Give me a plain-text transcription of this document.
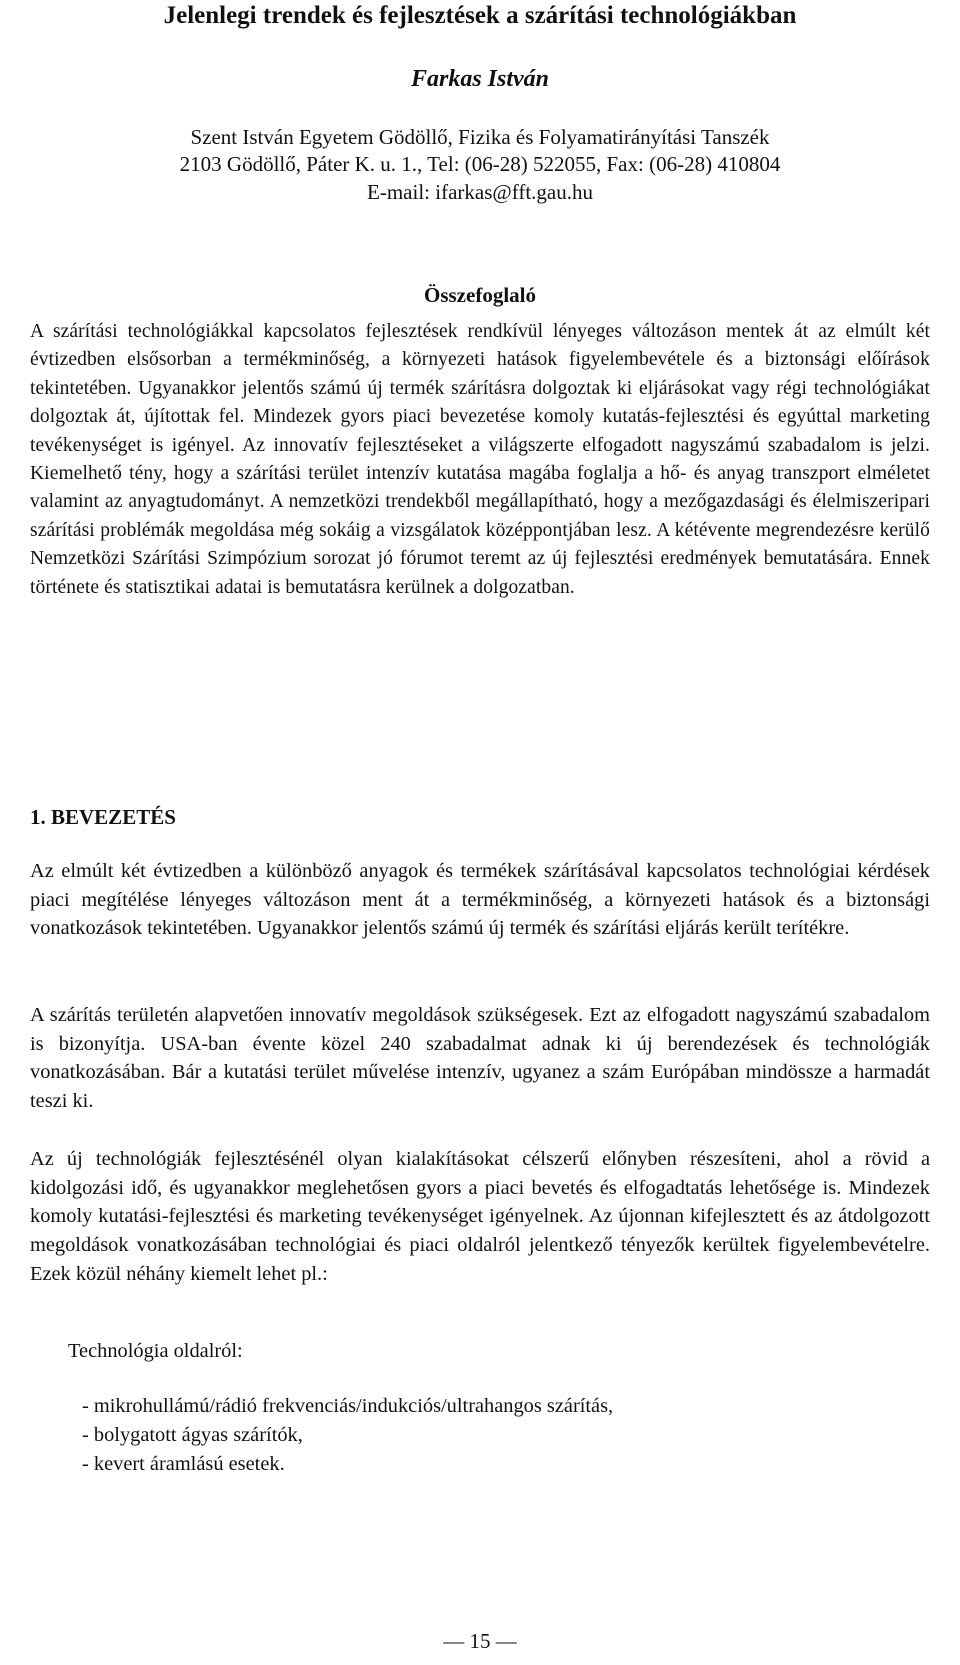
Jelenlegi trendek és fejlesztések a szárítási technológiákban

Farkas István

Szent István Egyetem Gödöllő, Fizika és Folyamatirányítási Tanszék

2103 Gödöllő, Páter K. u. 1., Tel: (06-28) 522055, Fax: (06-28) 410804

E-mail: ifarkas@fft.gau.hu

Összefoglaló

A szárítási technológiákkal kapcsolatos fejlesztések rendkívül lényeges változáson mentek át az elmúlt két évtizedben elsősorban a termékminőség, a környezeti hatások figyelembevétele és a biztonsági előírások tekintetében. Ugyanakkor jelentős számú új termék szárításra dolgoztak ki eljárásokat vagy régi technológiákat dolgoztak át, újítottak fel. Mindezek gyors piaci bevezetése komoly kutatás-fejlesztési és egyúttal marketing tevékenységet is igényel. Az innovatív fejlesztéseket a világszerte elfogadott nagyszámú szabadalom is jelzi. Kiemelhető tény, hogy a szárítási terület intenzív kutatása magába foglalja a hő- és anyag transzport elméletet valamint az anyagtudományt. A nemzetközi trendekből megállapítható, hogy a mezőgazdasági és élelmiszeripari szárítási problémák megoldása még sokáig a vizsgálatok középpontjában lesz. A kétévente megrendezésre kerülő Nemzetközi Szárítási Szimpózium sorozat jó fórumot teremt az új fejlesztési eredmények bemutatására. Ennek története és statisztikai adatai is bemutatásra kerülnek a dolgozatban.

1. BEVEZETÉS

Az elmúlt két évtizedben a különböző anyagok és termékek szárításával kapcsolatos technológiai kérdések piaci megítélése lényeges változáson ment át a termékminőség, a környezeti hatások és a biztonsági vonatkozások tekintetében. Ugyanakkor jelentős számú új termék és szárítási eljárás került terítékre.

A szárítás területén alapvetően innovatív megoldások szükségesek. Ezt az elfogadott nagyszámú szabadalom is bizonyítja. USA-ban évente közel 240 szabadalmat adnak ki új berendezések és technológiák vonatkozásában. Bár a kutatási terület művelése intenzív, ugyanez a szám Európában mindössze a harmadát teszi ki.

Az új technológiák fejlesztésénél olyan kialakításokat célszerű előnyben részesíteni, ahol a rövid a kidolgozási idő, és ugyanakkor meglehetősen gyors a piaci bevetés és elfogadtatás lehetősége is. Mindezek komoly kutatási-fejlesztési és marketing tevékenységet igényelnek. Az újonnan kifejlesztett és az átdolgozott megoldások vonatkozásában technológiai és piaci oldalról jelentkező tényezők kerültek figyelembevételre. Ezek közül néhány kiemelt lehet pl.:

Technológia oldalról:

- mikrohullámú/rádió frekvenciás/indukciós/ultrahangos szárítás,
- bolygatott ágyas szárítók,
- kevert áramlású esetek.

— 15 —
